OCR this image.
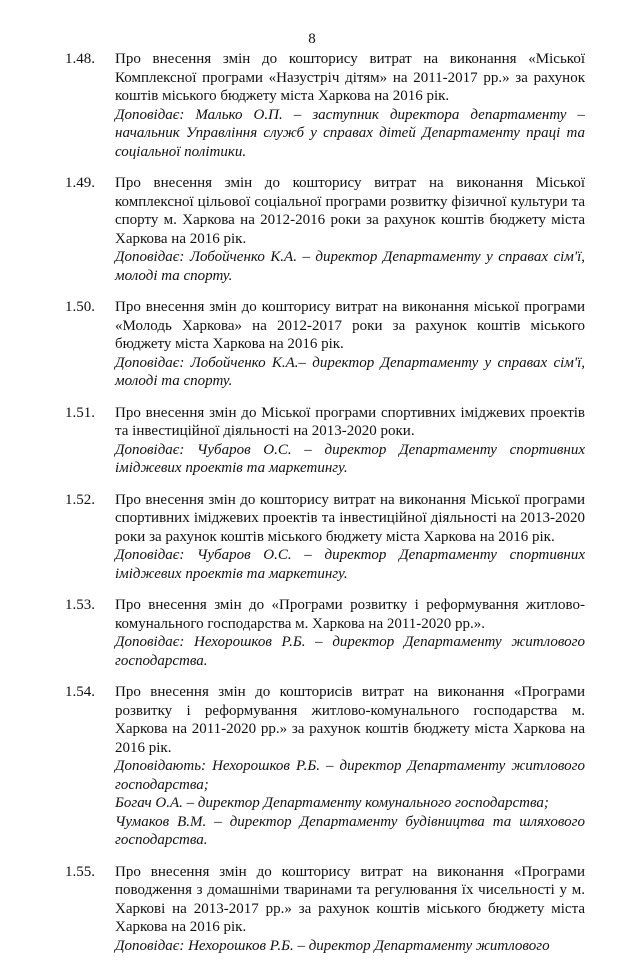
8
1.48. Про внесення змін до кошторису витрат на виконання «Міської Комплексної програми «Назустріч дітям» на 2011-2017 рр.» за рахунок коштів міського бюджету міста Харкова на 2016 рік.
Доповідає: Малько О.П. – заступник директора департаменту – начальник Управління служб у справах дітей Департаменту праці та соціальної політики.
1.49. Про внесення змін до кошторису витрат на виконання Міської комплексної цільової соціальної програми розвитку фізичної культури та спорту м. Харкова на 2012-2016 роки за рахунок коштів бюджету міста Харкова на 2016 рік.
Доповідає: Лобойченко К.А. – директор Департаменту у справах сім'ї, молоді та спорту.
1.50. Про внесення змін до кошторису витрат на виконання міської програми «Молодь Харкова» на 2012-2017 роки за рахунок коштів міського бюджету міста Харкова на 2016 рік.
Доповідає: Лобойченко К.А.– директор Департаменту у справах сім'ї, молоді та спорту.
1.51. Про внесення змін до Міської програми спортивних іміджевих проектів та інвестиційної діяльності на 2013-2020 роки.
Доповідає: Чубаров О.С. – директор Департаменту спортивних іміджевих проектів та маркетингу.
1.52. Про внесення змін до кошторису витрат на виконання Міської програми спортивних іміджевих проектів та інвестиційної діяльності на 2013-2020 роки за рахунок коштів міського бюджету міста Харкова на 2016 рік.
Доповідає: Чубаров О.С. – директор Департаменту спортивних іміджевих проектів та маркетингу.
1.53. Про внесення змін до «Програми розвитку і реформування житлово-комунального господарства м. Харкова на 2011-2020 рр.».
Доповідає: Нехорошков Р.Б. – директор Департаменту житлового господарства.
1.54. Про внесення змін до кошторисів витрат на виконання «Програми розвитку і реформування житлово-комунального господарства м. Харкова на 2011-2020 рр.» за рахунок коштів бюджету міста Харкова на 2016 рік.
Доповідають: Нехорошков Р.Б. – директор Департаменту житлового господарства;
Богач О.А. – директор Департаменту комунального господарства;
Чумаков В.М. – директор Департаменту будівництва та шляхового господарства.
1.55. Про внесення змін до кошторису витрат на виконання «Програми поводження з домашніми тваринами та регулювання їх чисельності у м. Харкові на 2013-2017 рр.» за рахунок коштів міського бюджету міста Харкова на 2016 рік.
Доповідає: Нехорошков Р.Б. – директор Департаменту житлового
